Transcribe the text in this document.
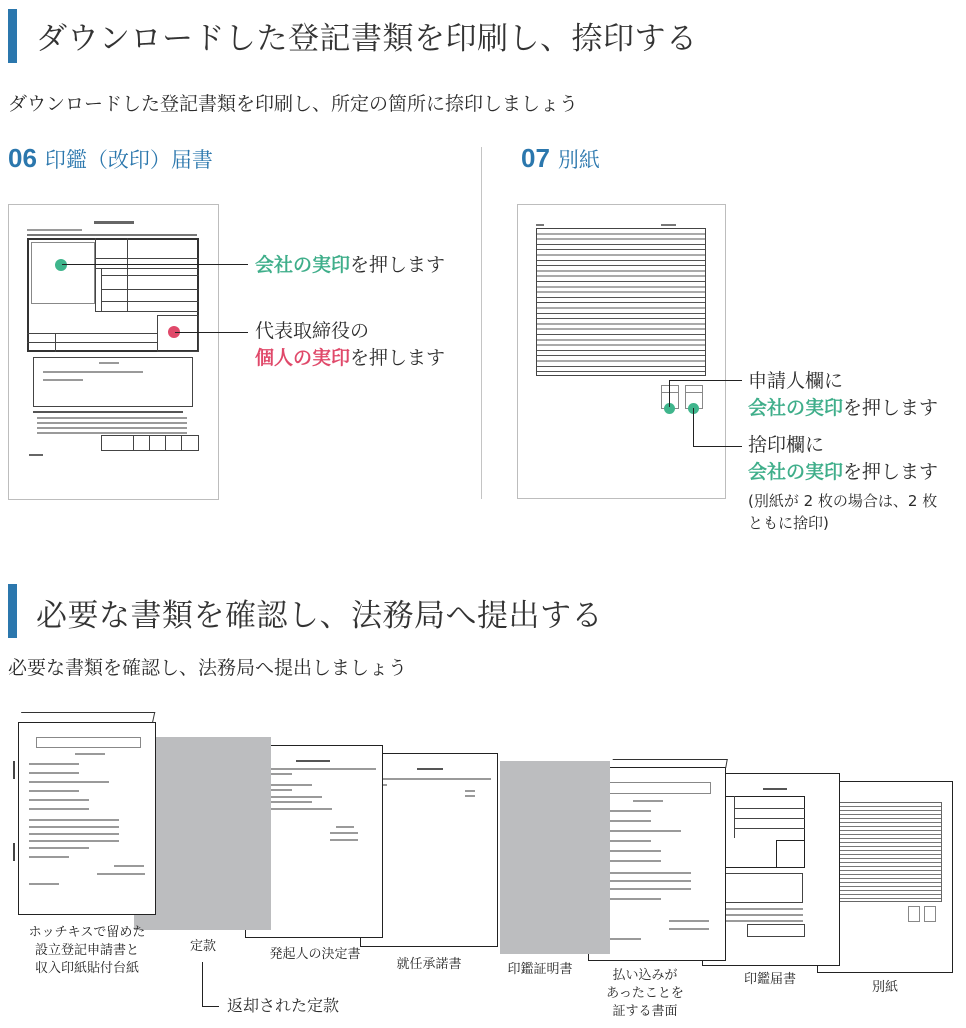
ダウンロードした登記書類を印刷し、捺印する
ダウンロードした登記書類を印刷し、所定の箇所に捺印しましょう
06 印鑑（改印）届書	07 別紙
会社の実印を押します
代表取締役の
個人の実印を押します
申請人欄に
会社の実印を押します
捨印欄に
会社の実印を押します
(別紙が 2 枚の場合は、2 枚
ともに捨印)
必要な書類を確認し、法務局へ提出する
必要な書類を確認し、法務局へ提出しましょう
ホッチキスで留めた
設立登記申請書と
収入印紙貼付台紙
定款
返却された定款
発起人の決定書
就任承諾書	印鑑証明書	払い込みが
あったことを
証する書面
印鑑届書
別紙
